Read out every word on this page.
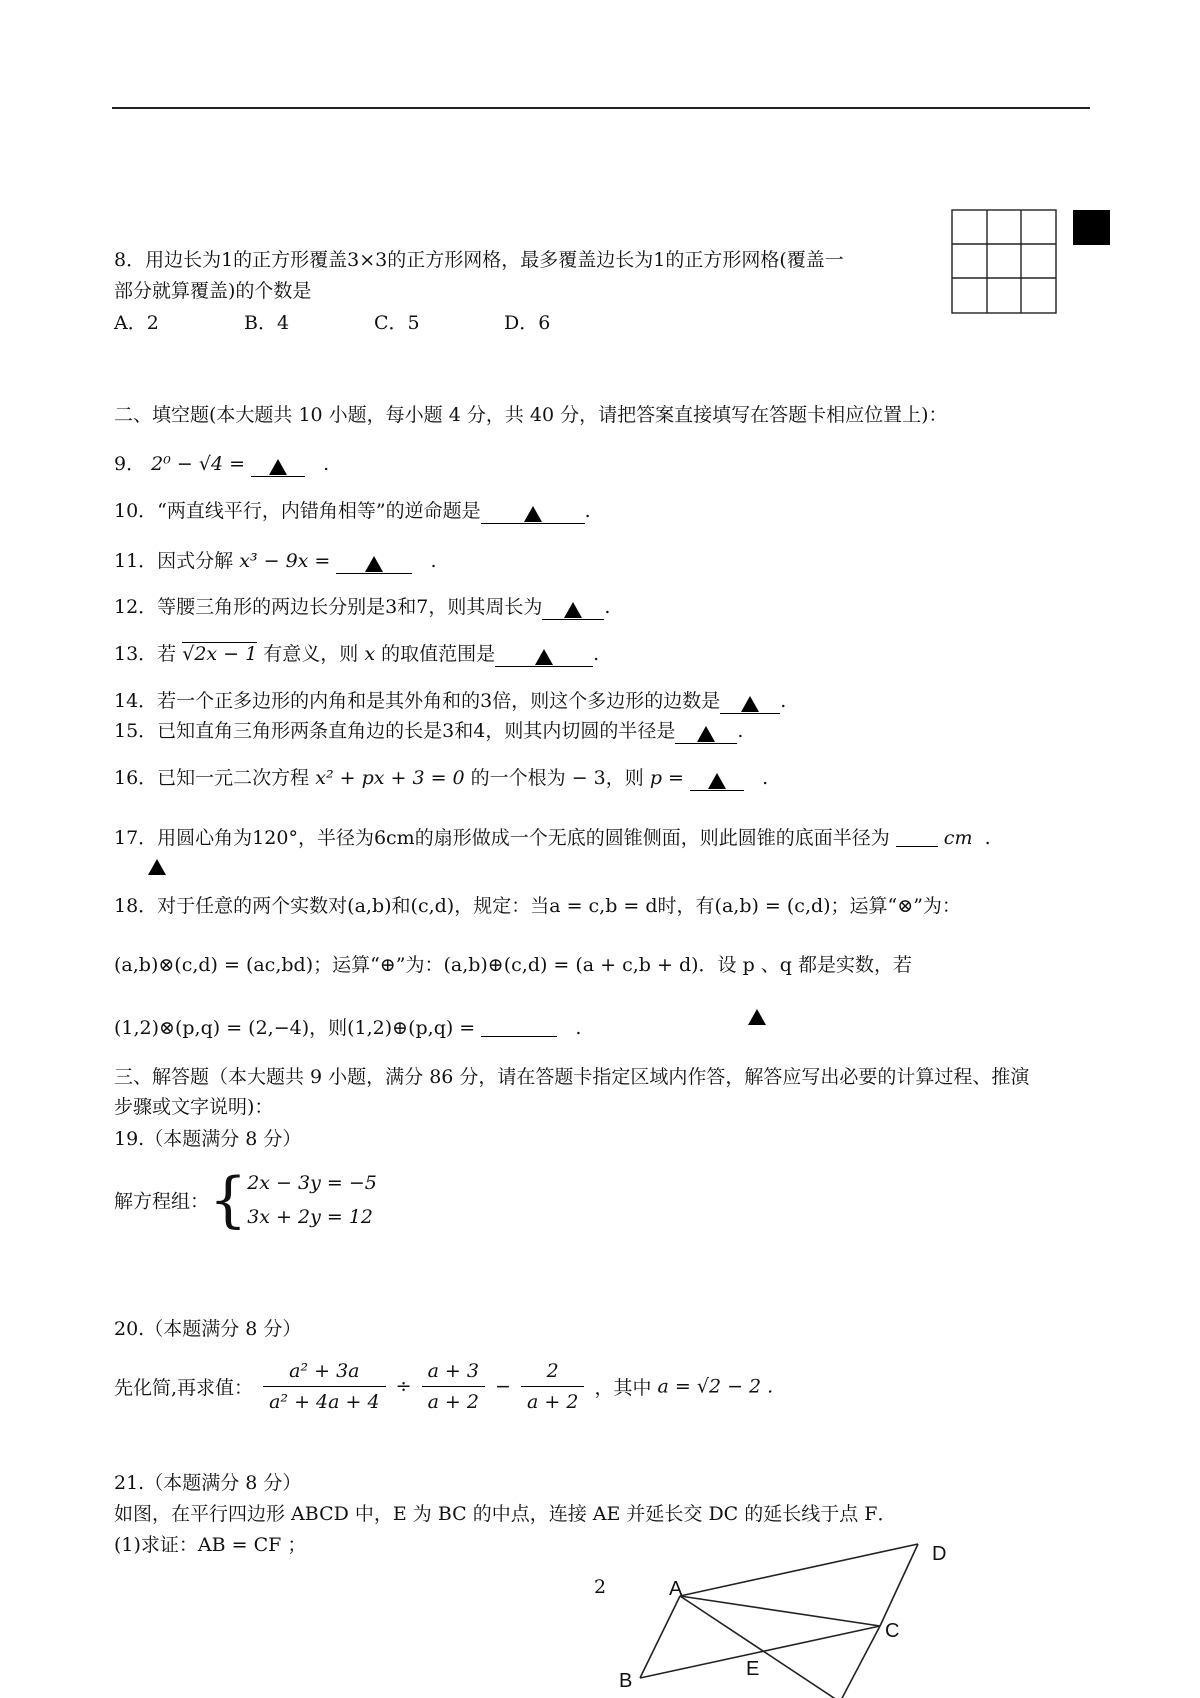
8．用边长为1的正方形覆盖3×3的正方形网格，最多覆盖边长为1的正方形网格(覆盖一
部分就算覆盖)的个数是
A．2	B．4	C．5	D．6
二、填空题(本大题共 10 小题，每小题 4 分，共 40 分，请把答案直接填写在答题卡相应位置上)：
9． 2⁰ − √4 =	.
10．“两直线平行，内错角相等”的逆命题是	.
11．因式分解 x³ − 9x =	.
12．等腰三角形的两边长分别是3和7，则其周长为	.
13．若 √2x − 1 有意义，则 x 的取值范围是	.
14．若一个正多边形的内角和是其外角和的3倍，则这个多边形的边数是	.
15．已知直角三角形两条直角边的长是3和4，则其内切圆的半径是	.
16．已知一元二次方程 x² + px + 3 = 0 的一个根为 − 3，则 p =	.
17．用圆心角为120°，半径为6cm的扇形做成一个无底的圆锥侧面，则此圆锥的底面半径为	cm .
18．对于任意的两个实数对(a,b)和(c,d)，规定：当a = c,b = d时，有(a,b) = (c,d)；运算“⊗”为：
(a,b)⊗(c,d) = (ac,bd)；运算“⊕”为：(a,b)⊕(c,d) = (a + c,b + d)．设 p 、q 都是实数，若
(1,2)⊗(p,q) = (2,−4)，则(1,2)⊕(p,q) =	.
三、解答题（本大题共 9 小题，满分 86 分，请在答题卡指定区域内作答，解答应写出必要的计算过程、推演
步骤或文字说明)：
19.（本题满分 8 分）
解方程组：{ 2x − 3y = −5
3x + 2y = 12
20.（本题满分 8 分）
先化简,再求值： $\frac{\text{a² + 3a}}{\text{a² + 4a + 4}} \div \frac{a + 3}{a + 2} - \frac{2}{a + 2}$ ，其中 a = √2 − 2 .
21.（本题满分 8 分）
如图，在平行四边形 ABCD 中，E 为 BC 的中点，连接 AE 并延长交 DC 的延长线于点 F．
(1)求证：AB = CF ；
2	A
B
C
D
E
